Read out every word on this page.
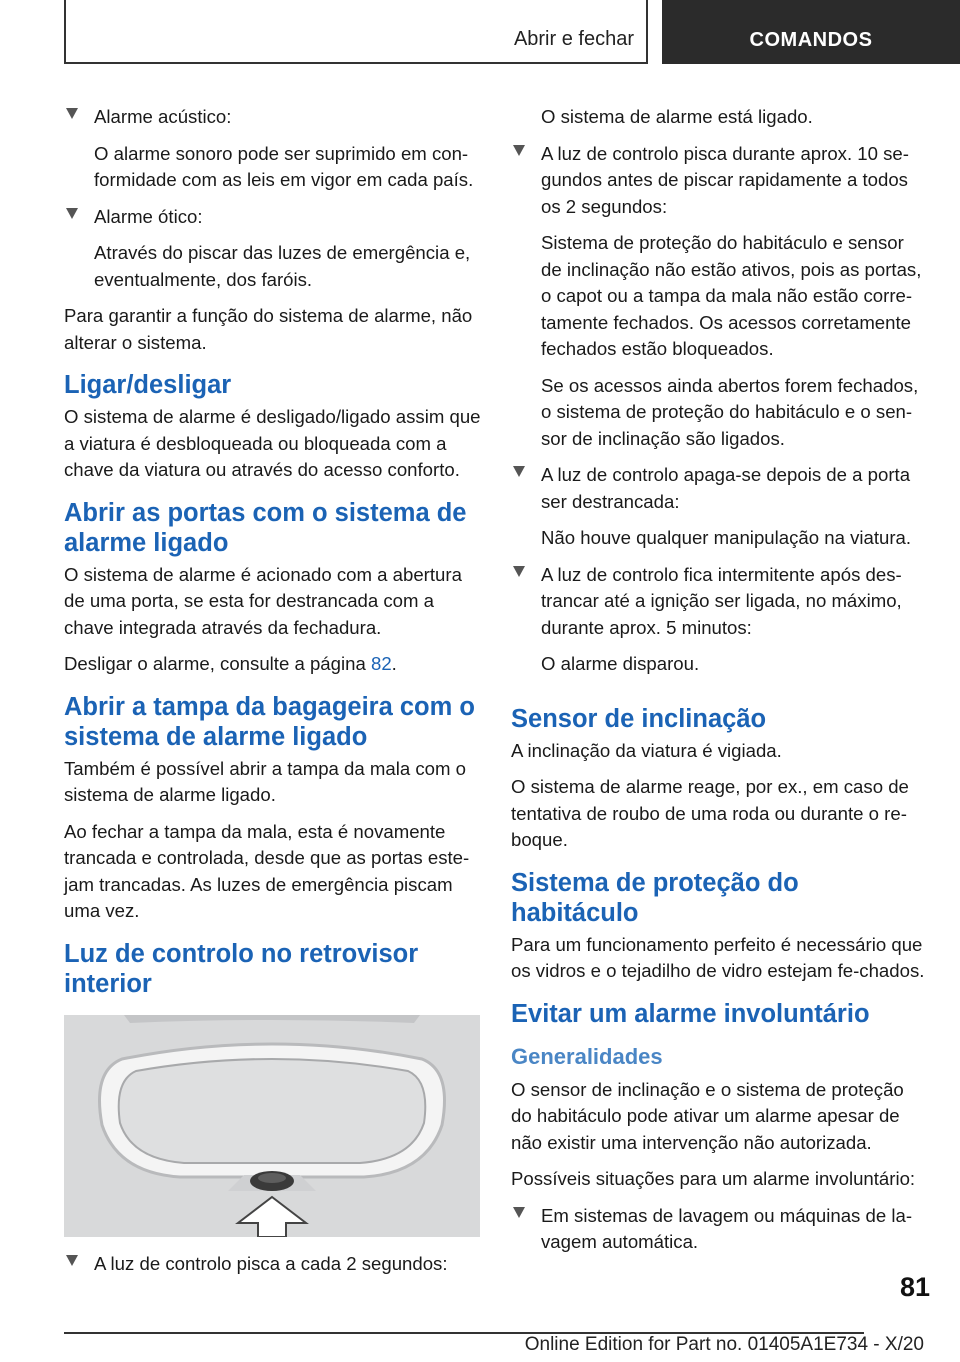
Abrir e fechar	COMANDOS

Alarme acústico:

O alarme sonoro pode ser suprimido em con-formidade com as leis em vigor em cada país.

Alarme ótico:

Através do piscar das luzes de emergência e, eventualmente, dos faróis.

Para garantir a função do sistema de alarme, não alterar o sistema.

Ligar/desligar

O sistema de alarme é desligado/ligado assim que a viatura é desbloqueada ou bloqueada com a chave da viatura ou através do acesso conforto.

Abrir as portas com o sistema de alarme ligado

O sistema de alarme é acionado com a abertura de uma porta, se esta for destrancada com a chave integrada através da fechadura.

Desligar o alarme, consulte a página 82.

Abrir a tampa da bagageira com o sistema de alarme ligado

Também é possível abrir a tampa da mala com o sistema de alarme ligado.

Ao fechar a tampa da mala, esta é novamente trancada e controlada, desde que as portas este-jam trancadas. As luzes de emergência piscam uma vez.

Luz de controlo no retrovisor interior

A luz de controlo pisca a cada 2 segundos:

O sistema de alarme está ligado.

A luz de controlo pisca durante aprox. 10 se-gundos antes de piscar rapidamente a todos os 2 segundos:

Sistema de proteção do habitáculo e sensor de inclinação não estão ativos, pois as portas, o capot ou a tampa da mala não estão corre-tamente fechados. Os acessos corretamente fechados estão bloqueados.

Se os acessos ainda abertos forem fechados, o sistema de proteção do habitáculo e o sen-sor de inclinação são ligados.

A luz de controlo apaga-se depois de a porta ser destrancada:

Não houve qualquer manipulação na viatura.

A luz de controlo fica intermitente após des-trancar até a ignição ser ligada, no máximo, durante aprox. 5 minutos:

O alarme disparou.

Sensor de inclinação

A inclinação da viatura é vigiada.

O sistema de alarme reage, por ex., em caso de tentativa de roubo de uma roda ou durante o re-boque.

Sistema de proteção do habitáculo

Para um funcionamento perfeito é necessário que os vidros e o tejadilho de vidro estejam fe-chados.

Evitar um alarme involuntário
Generalidades

O sensor de inclinação e o sistema de proteção do habitáculo pode ativar um alarme apesar de não existir uma intervenção não autorizada.

Possíveis situações para um alarme involuntário:

Em sistemas de lavagem ou máquinas de la-vagem automática.

81
Online Edition for Part no. 01405A1E734 - X/20
